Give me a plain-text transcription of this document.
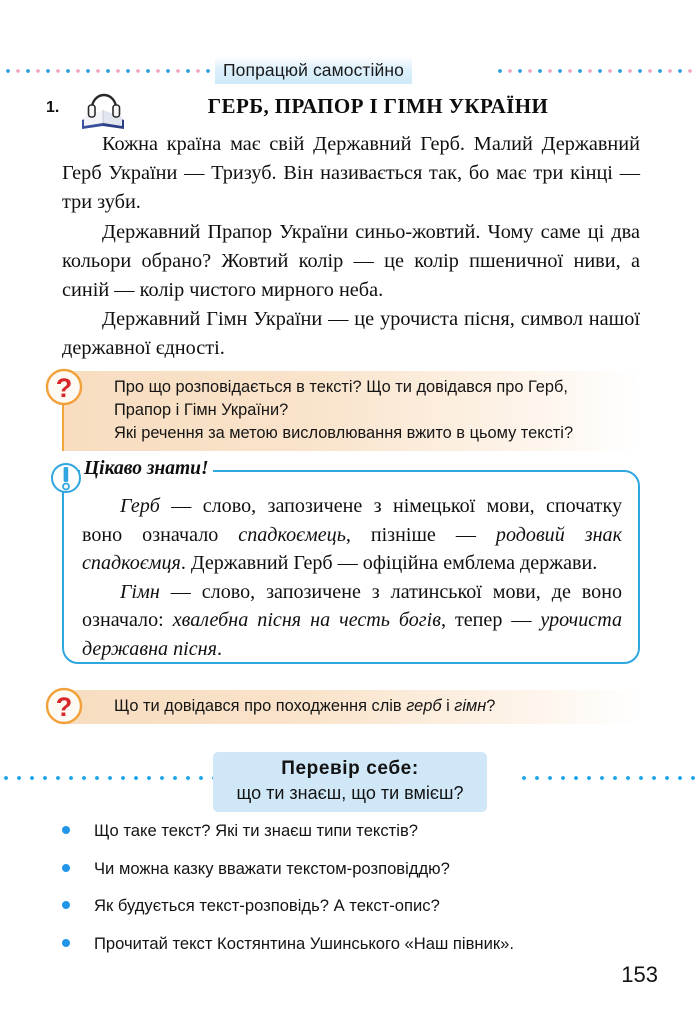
Попрацюй самостійно
1.	ГЕРБ, ПРАПОР І ГІМН УКРАЇНИ

Кожна країна має свій Державний Герб. Малий Державний Герб України — Тризуб. Він називається так, бо має три кінці — три зуби.

Державний Прапор України синьо-жовтий. Чому саме ці два кольори обрано? Жовтий колір — це колір пшеничної ниви, а синій — колір чистого мирного неба.

Державний Гімн України — це урочиста пісня, символ нашої державної єдності.

?	Про що розповідається в тексті? Що ти довідався про Герб,

Прапор і Гімн України?

Які речення за метою висловлювання вжито в цьому тексті?

Цікаво знати!

Герб — слово, запозичене з німецької мови, спочатку воно означало спадкоємець, пізніше — родовий знак спадкоємця. Державний Герб — офіційна емблема держави.

Гімн — слово, запозичене з латинської мови, де воно означало: хвалебна пісня на честь богів, тепер — урочиста державна пісня.

?	Що ти довідався про походження слів герб і гімн?

Перевір себе:
що ти знаєш, що ти вмієш?
Що таке текст? Які ти знаєш типи текстів?
Чи можна казку вважати текстом-розповіддю?
Як будується текст-розповідь? А текст-опис?
Прочитай текст Костянтина Ушинського «Наш півник».
153
